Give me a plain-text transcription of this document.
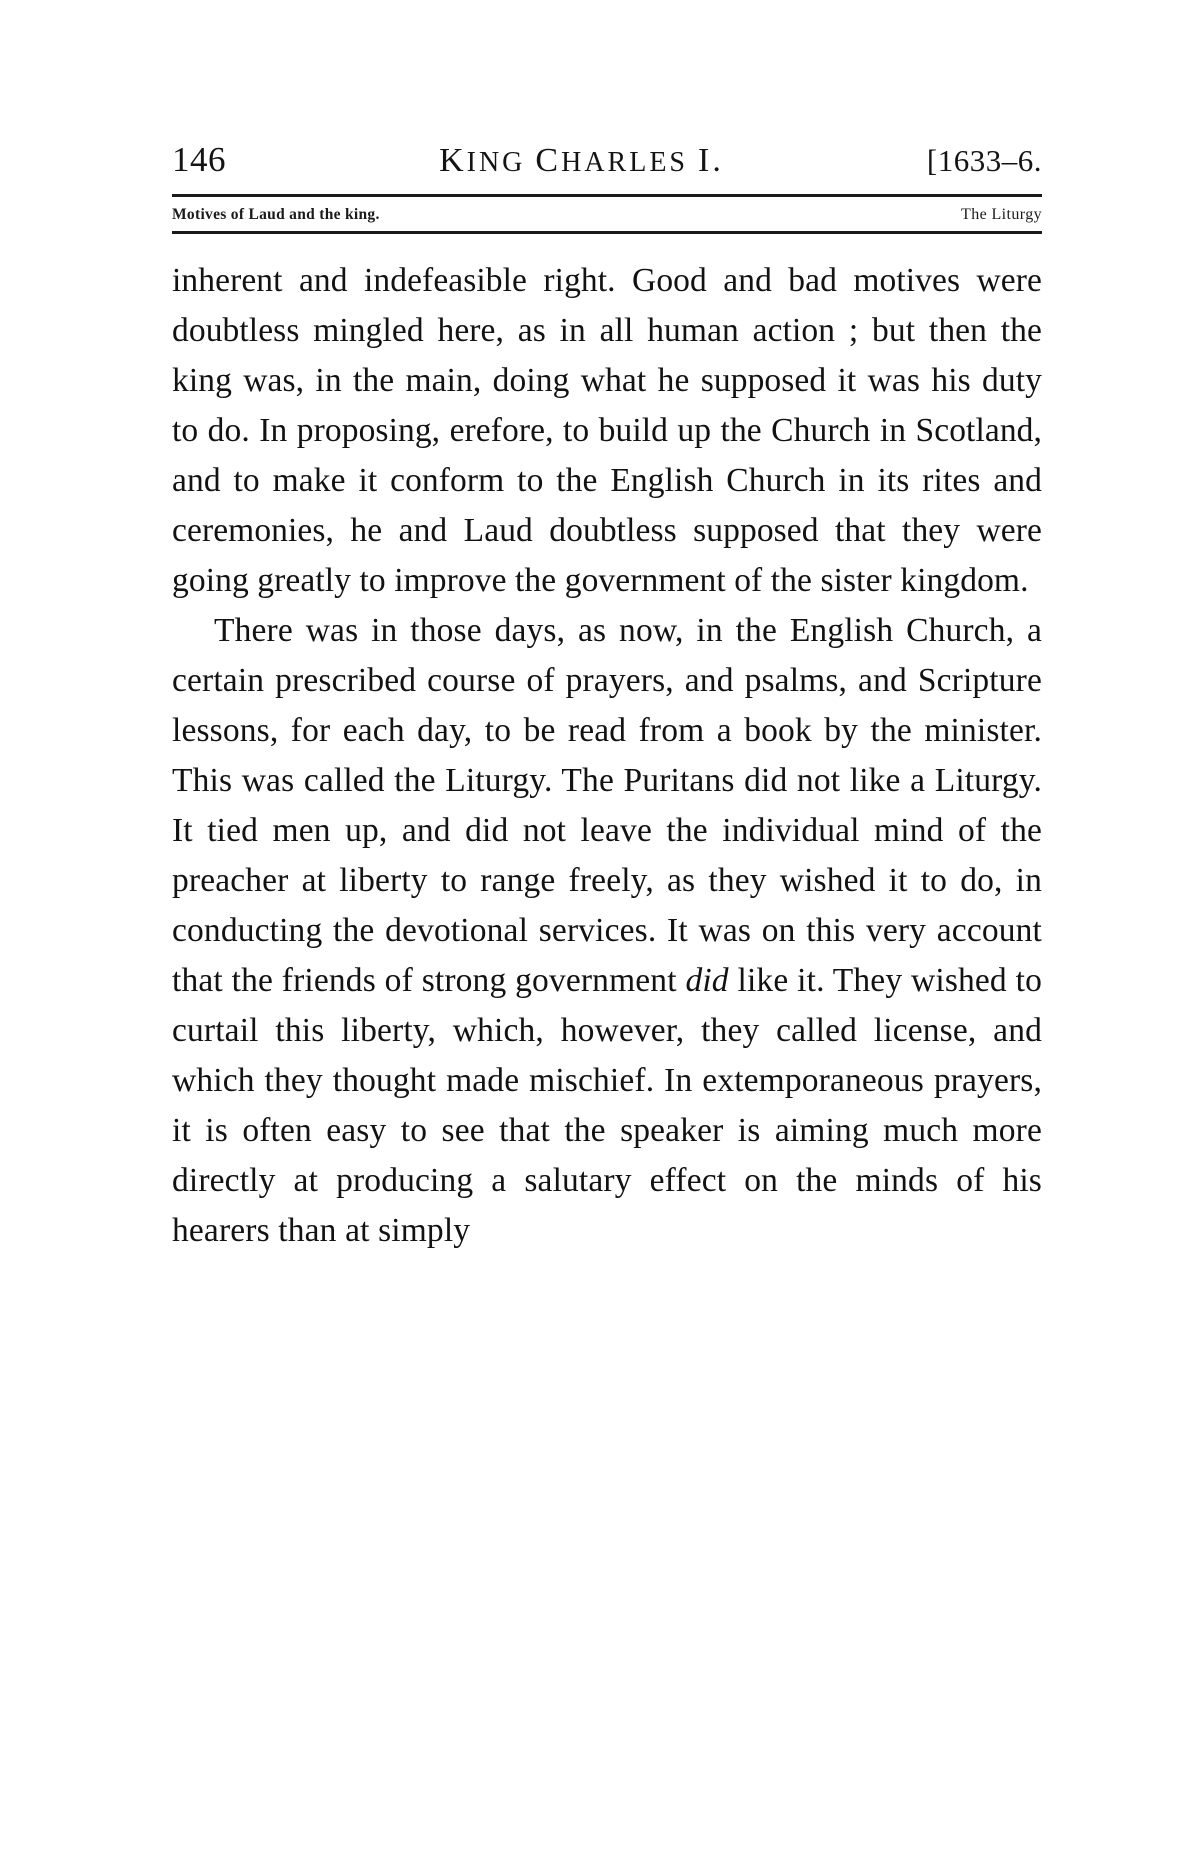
146	KING CHARLES I.	[1633–6.
Motives of Laud and the king.	The Liturgy

inherent and indefeasible right. Good and bad motives were doubtless mingled here, as in all human action ; but then the king was, in the main, doing what he supposed it was his duty to do. In proposing, erefore, to build up the Church in Scotland, and to make it conform to the English Church in its rites and ceremonies, he and Laud doubtless supposed that they were going greatly to improve the government of the sister kingdom.

There was in those days, as now, in the English Church, a certain prescribed course of prayers, and psalms, and Scripture lessons, for each day, to be read from a book by the minister. This was called the Liturgy. The Puritans did not like a Liturgy. It tied men up, and did not leave the individual mind of the preacher at liberty to range freely, as they wished it to do, in conducting the devotional services. It was on this very account that the friends of strong government did like it. They wished to curtail this liberty, which, however, they called license, and which they thought made mischief. In extemporaneous prayers, it is often easy to see that the speaker is aiming much more directly at producing a salutary effect on the minds of his hearers than at simply
